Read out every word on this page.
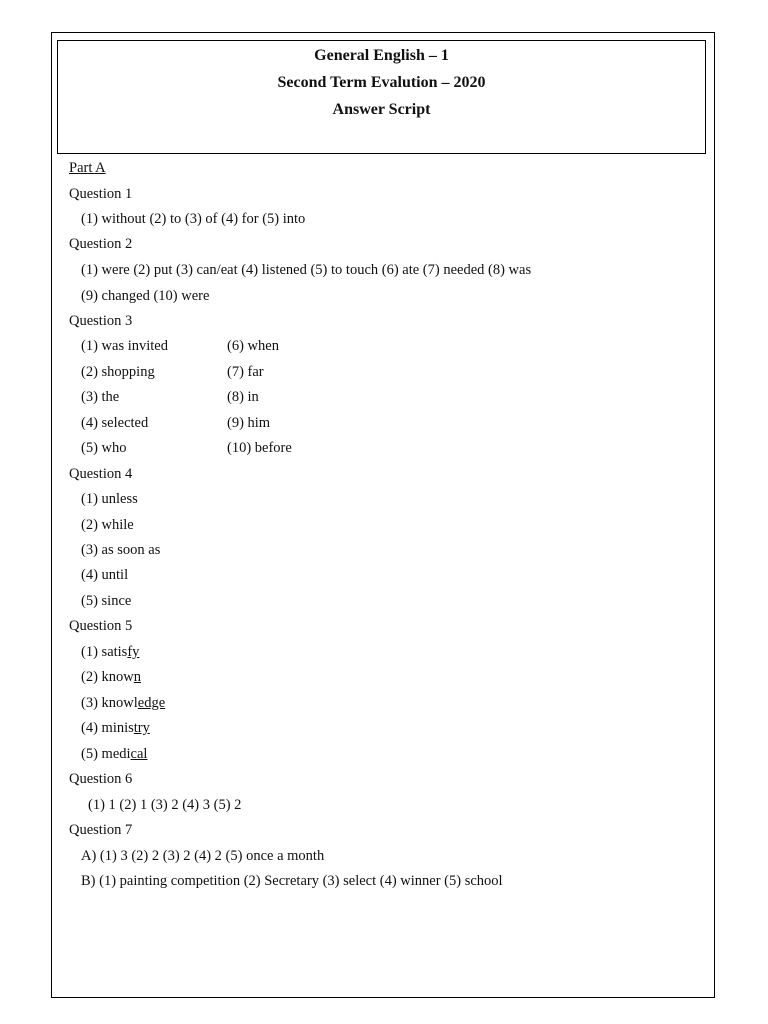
General English – 1
Second Term Evalution – 2020
Answer Script

Part A

Question 1

(1) without (2) to (3) of (4) for (5) into

Question 2

(1) were (2) put (3) can/eat (4) listened (5) to touch (6) ate (7) needed (8) was

(9) changed (10) were

Question 3

(1) was invited	(6) when

(2) shopping	(7) far

(3) the	(8) in

(4) selected	(9) him

(5) who	(10) before

Question 4

(1) unless

(2) while

(3) as soon as

(4) until

(5) since

Question 5

(1) satisfy

(2) known

(3) knowledge

(4) ministry

(5) medical

Question 6

(1) 1 (2) 1 (3) 2 (4) 3 (5) 2

Question 7

A) (1) 3 (2) 2 (3) 2 (4) 2 (5) once a month

B) (1) painting competition (2) Secretary (3) select (4) winner (5) school
